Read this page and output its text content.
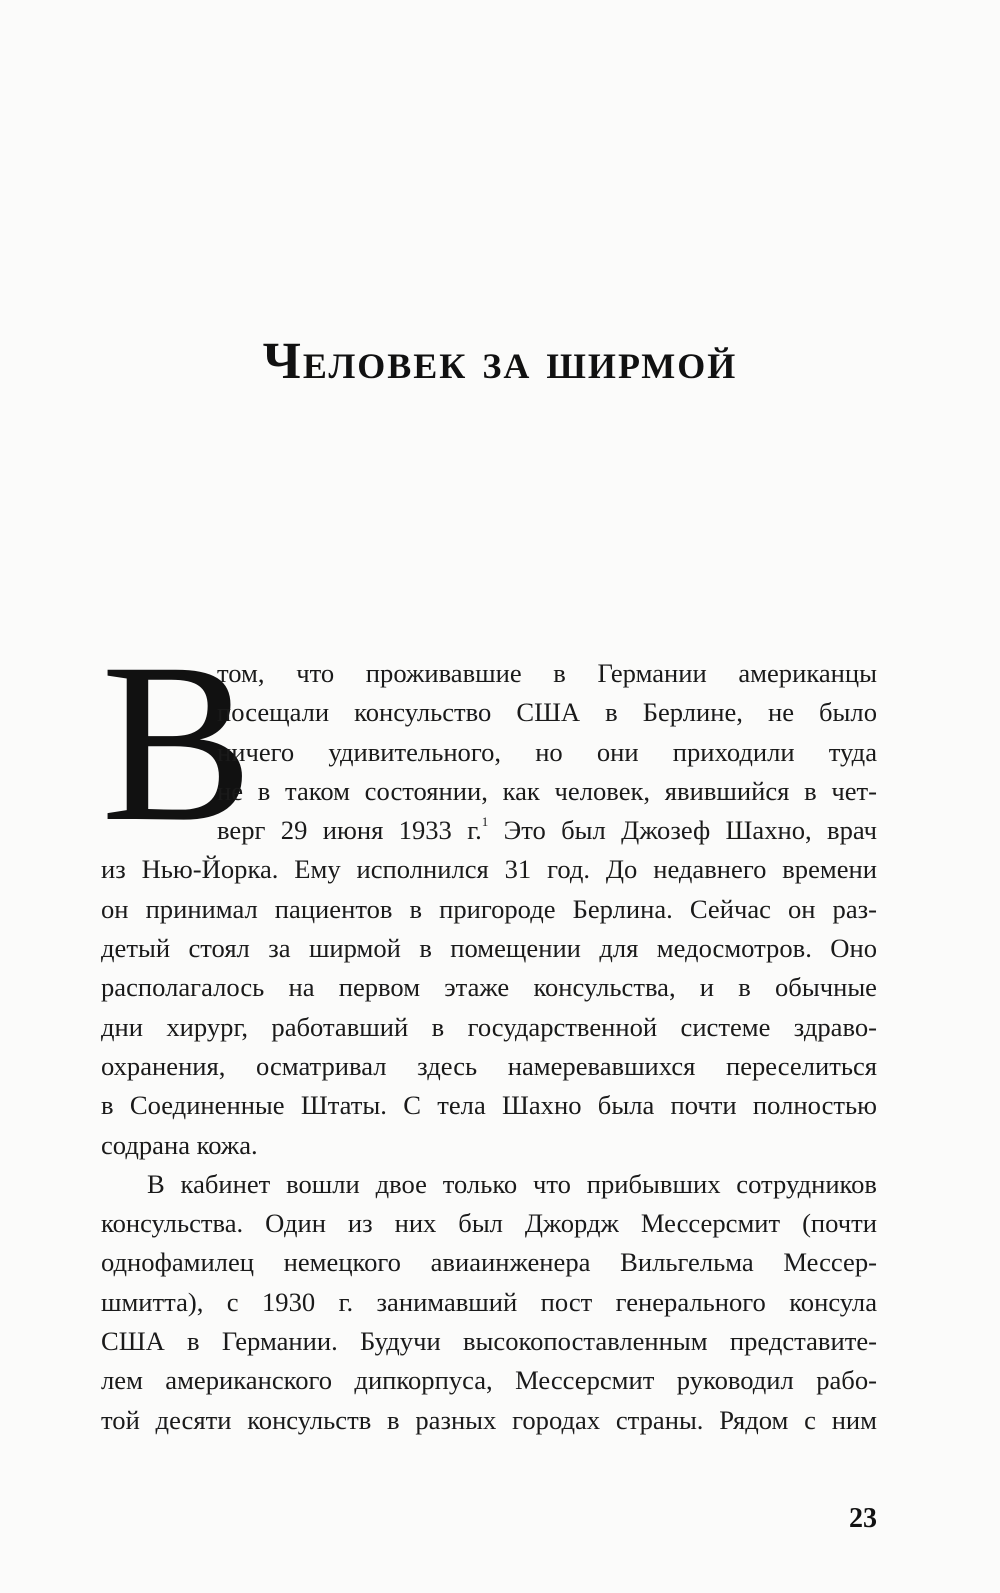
Человек за ширмой
В
том, что проживавшие в Германии американцы
посещали консульство США в Берлине, не было
ничего удивительного, но они приходили туда
не в таком состоянии, как человек, явившийся в чет-
верг 29 июня 1933 г.$^1$ Это был Джозеф Шахно, врач
из Нью-Йорка. Ему исполнился 31 год. До недавнего времени
он принимал пациентов в пригороде Берлина. Сейчас он раз-
детый стоял за ширмой в помещении для медосмотров. Оно
располагалось на первом этаже консульства, и в обычные
дни хирург, работавший в государственной системе здраво-
охранения, осматривал здесь намеревавшихся переселиться
в Соединенные Штаты. С тела Шахно была почти полностью
содрана кожа.
В кабинет вошли двое только что прибывших сотрудников
консульства. Один из них был Джордж Мессерсмит (почти
однофамилец немецкого авиаинженера Вильгельма Мессер-
шмитта), с 1930 г. занимавший пост генерального консула
США в Германии. Будучи высокопоставленным представите-
лем американского дипкорпуса, Мессерсмит руководил рабо-
той десяти консульств в разных городах страны. Рядом с ним
23
